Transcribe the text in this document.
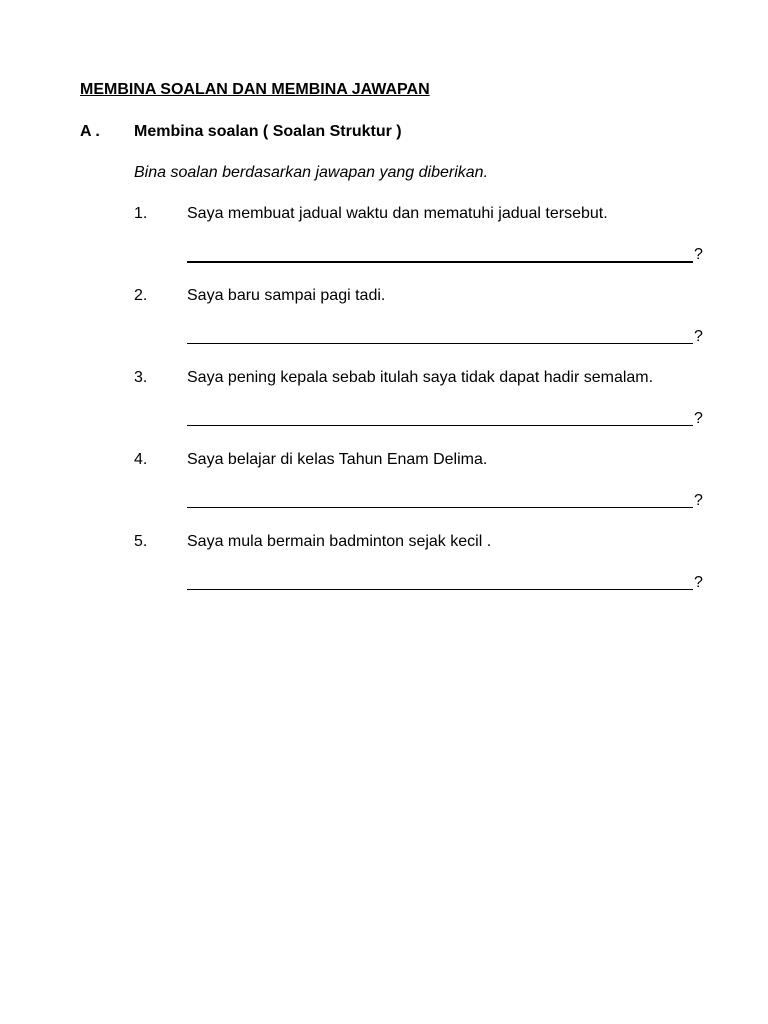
MEMBINA SOALAN DAN MEMBINA JAWAPAN
A . Membina soalan ( Soalan Struktur )
Bina soalan berdasarkan jawapan yang diberikan.
1. Saya membuat jadual waktu dan mematuhi jadual tersebut.
?
2. Saya baru sampai pagi tadi.
?
3. Saya pening kepala sebab itulah saya tidak dapat hadir semalam.
?
4. Saya belajar di kelas Tahun Enam Delima.
?
5. Saya mula bermain badminton sejak kecil .
?
